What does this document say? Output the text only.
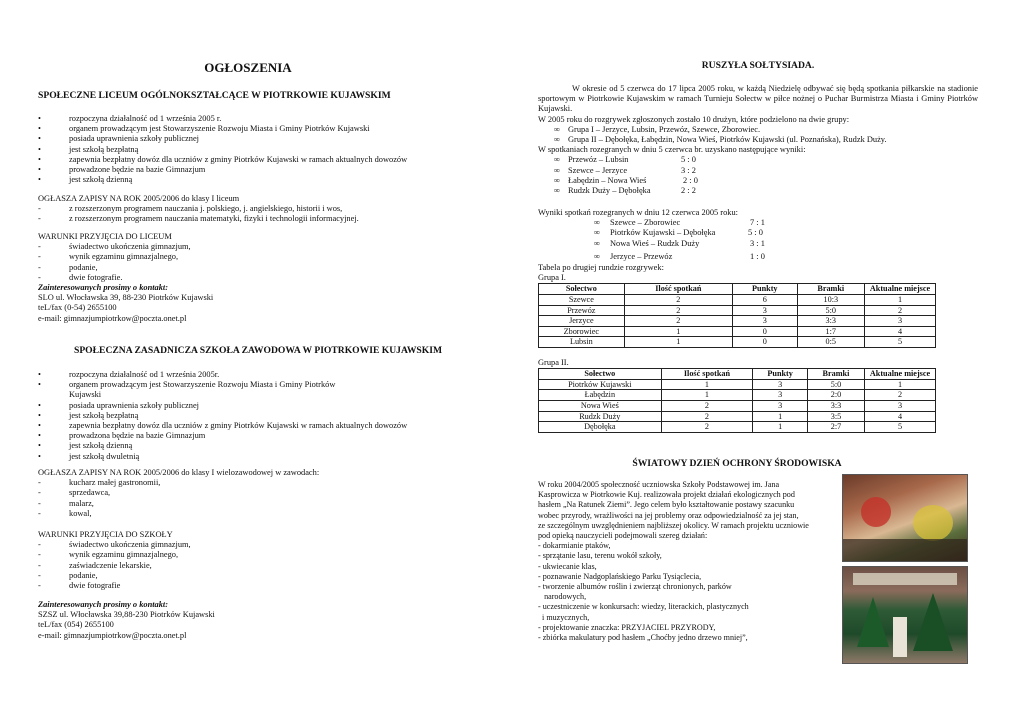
OGŁOSZENIA
SPOŁECZNE LICEUM OGÓLNOKSZTAŁCĄCE W PIOTRKOWIE KUJAWSKIM
•	rozpoczyna działalność od 1 września 2005 r.
•	organem prowadzącym jest Stowarzyszenie Rozwoju Miasta i Gminy Piotrków Kujawski
•	posiada uprawnienia szkoły publicznej
•	jest szkołą bezpłatną
•	zapewnia bezpłatny dowóz dla uczniów z gminy Piotrków Kujawski w ramach aktualnych dowozów
•	prowadzone będzie na bazie Gimnazjum
•	jest szkołą dzienną
OGŁASZA ZAPISY NA ROK 2005/2006 do klasy I liceum
-	z rozszerzonym programem nauczania j. polskiego, j. angielskiego, historii i wos,
-	z rozszerzonym programem nauczania matematyki, fizyki i technologii informacyjnej.
WARUNKI PRZYJĘCIA DO LICEUM
-	świadectwo ukończenia gimnazjum,
-	wynik egzaminu gimnazjalnego,
-	podanie,
-	dwie fotografie.
Zainteresowanych prosimy o kontakt:
SLO ul. Włocławska 39, 88-230 Piotrków Kujawski
teL/fax (0-54) 2655100
e-mail: gimnazjumpiotrkow@poczta.onet.pl
SPOŁECZNA ZASADNICZA SZKOŁA ZAWODOWA W PIOTRKOWIE KUJAWSKIM
•	rozpoczyna działalność od 1 września 2005r.
•	organem prowadzącym jest Stowarzyszenie Rozwoju Miasta i Gminy Piotrków
Kujawski
•	posiada uprawnienia szkoły publicznej
•	jest szkołą bezpłatną
•	zapewnia bezpłatny dowóz dla uczniów z gminy Piotrków Kujawski w ramach aktualnych dowozów
•	prowadzona będzie na bazie Gimnazjum
•	jest szkołą dzienną
•	jest szkołą dwuletnią
OGŁASZA ZAPISY NA ROK 2005/2006 do klasy I wielozawodowej w zawodach:
-	kucharz małej gastronomii,
-	sprzedawca,
-	malarz,
-	kowal,
WARUNKI PRZYJĘCIA DO SZKOŁY
-	świadectwo ukończenia gimnazjum,
-	wynik egzaminu gimnazjalnego,
-	zaświadczenie lekarskie,
-	podanie,
-	dwie fotografie
Zainteresowanych prosimy o kontakt:
SZSZ ul. Włocławska 39,88-230 Piotrków Kujawski
teL/fax (054) 2655100
e-mail: gimnazjumpiotrkow@poczta.onet.pl
RUSZYŁA SOŁTYSIADA.
W okresie od 5 czerwca do 17 lipca 2005 roku, w każdą Niedzielę odbywać się będą spotkania piłkarskie na stadionie sportowym w Piotrkowie Kujawskim w ramach Turnieju Sołectw w piłce nożnej o Puchar Burmistrza Miasta i Gminy Piotrków Kujawski.
W 2005 roku do rozgrywek zgłoszonych zostało 10 drużyn, które podzielono na dwie grupy:
∞ Grupa I – Jerzyce, Lubsin, Przewóz, Szewce, Zborowiec.
∞ Grupa II – Dębołęka, Łabędzin, Nowa Wieś, Piotrków Kujawski (ul. Poznańska), Rudzk Duży.
W spotkaniach rozegranych w dniu 5 czerwca br. uzyskano następujące wyniki:
∞ Przewóz – Lubsin	5 : 0
∞ Szewce – Jerzyce	3 : 2
∞ Łabędzin – Nowa Wieś	2 : 0
∞ Rudzk Duży – Dębołęka	2 : 2
Wyniki spotkań rozegranych w dniu 12 czerwca 2005 roku:
∞ Szewce – Zborowiec	7 : 1
∞ Piotrków Kujawski – Dębołęka	5 : 0
∞ Nowa Wieś – Rudzk Duży	3 : 1
∞ Jerzyce – Przewóz	1 : 0
Tabela po drugiej rundzie rozgrywek:
Grupa I.
Sołectwo	Ilość spotkań	Punkty	Bramki	Aktualne miejsce
Szewce	2	6	10:3	1
Przewóz	2	3	5:0	2
Jerzyce	2	3	3:3	3
Zborowiec	1	0	1:7	4
Lubsin	1	0	0:5	5
Grupa II.
Sołectwo	Ilość spotkań	Punkty	Bramki	Aktualne miejsce
Piotrków Kujawski	1	3	5:0	1
Łabędzin	1	3	2:0	2
Nowa Wieś	2	3	3:3	3
Rudzk Duży	2	1	3:5	4
Dębołęka	2	1	2:7	5
ŚWIATOWY DZIEŃ OCHRONY ŚRODOWISKA
W roku 2004/2005 społeczność uczniowska Szkoły Podstawowej im. Jana
Kasprowicza w Piotrkowie Kuj. realizowała projekt działań ekologicznych pod
hasłem „Na Ratunek Ziemi”. Jego celem było kształtowanie postawy szacunku
wobec przyrody, wrażliwości na jej problemy oraz odpowiedzialność za jej stan,
ze szczególnym uwzględnieniem najbliższej okolicy. W ramach projektu uczniowie
pod opieką nauczycieli podejmowali szereg działań:
- dokarmianie ptaków,
- sprzątanie lasu, terenu wokół szkoły,
- ukwiecanie klas,
- poznawanie Nadgoplańskiego Parku Tysiąclecia,
- tworzenie albumów roślin i zwierząt chronionych, parków
narodowych,
- uczestniczenie w konkursach: wiedzy, literackich, plastycznych
i muzycznych,
- projektowanie znaczka: PRZYJACIEL PRZYRODY,
- zbiórka makulatury pod hasłem „Choćby jedno drzewo mniej”,
